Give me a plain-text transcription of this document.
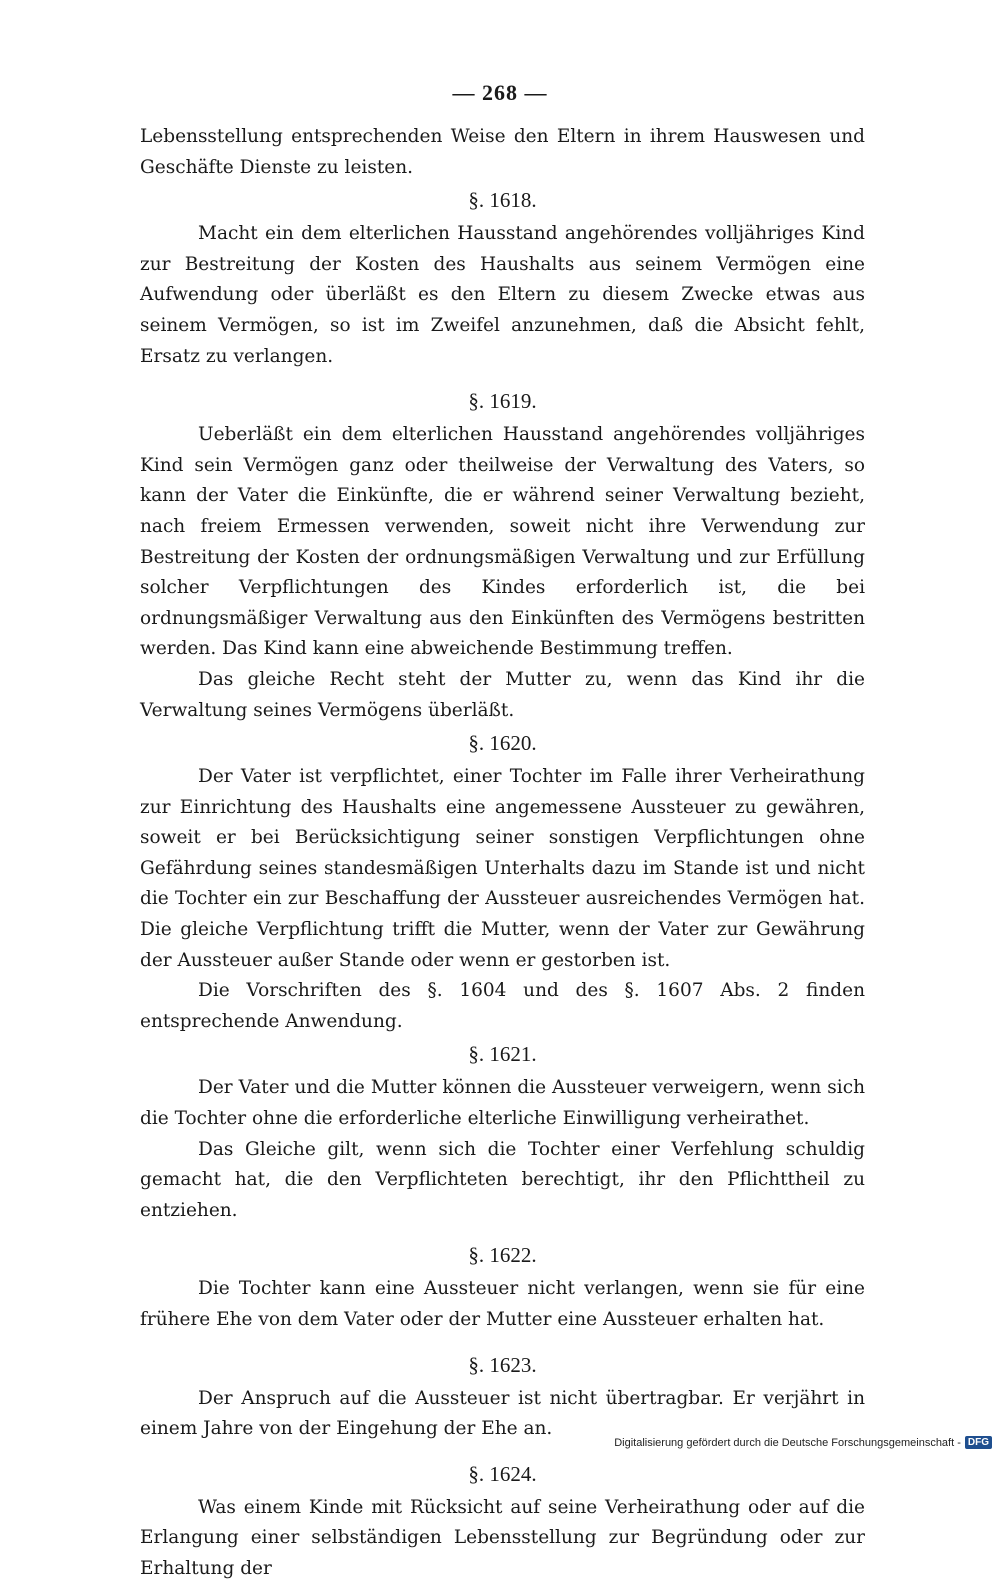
— 268 —

Lebensstellung entsprechenden Weise den Eltern in ihrem Hauswesen und Geschäfte Dienste zu leisten.

§. 1618.

Macht ein dem elterlichen Hausstand angehörendes volljähriges Kind zur Bestreitung der Kosten des Haushalts aus seinem Vermögen eine Aufwendung oder überläßt es den Eltern zu diesem Zwecke etwas aus seinem Vermögen, so ist im Zweifel anzunehmen, daß die Absicht fehlt, Ersatz zu verlangen.

§. 1619.

Ueberläßt ein dem elterlichen Hausstand angehörendes volljähriges Kind sein Vermögen ganz oder theilweise der Verwaltung des Vaters, so kann der Vater die Einkünfte, die er während seiner Verwaltung bezieht, nach freiem Ermessen verwenden, soweit nicht ihre Verwendung zur Bestreitung der Kosten der ordnungsmäßigen Verwaltung und zur Erfüllung solcher Verpflichtungen des Kindes erforderlich ist, die bei ordnungsmäßiger Verwaltung aus den Einkünften des Vermögens bestritten werden. Das Kind kann eine abweichende Bestimmung treffen.

Das gleiche Recht steht der Mutter zu, wenn das Kind ihr die Verwaltung seines Vermögens überläßt.

§. 1620.

Der Vater ist verpflichtet, einer Tochter im Falle ihrer Verheirathung zur Einrichtung des Haushalts eine angemessene Aussteuer zu gewähren, soweit er bei Berücksichtigung seiner sonstigen Verpflichtungen ohne Gefährdung seines standesmäßigen Unterhalts dazu im Stande ist und nicht die Tochter ein zur Beschaffung der Aussteuer ausreichendes Vermögen hat. Die gleiche Verpflichtung trifft die Mutter, wenn der Vater zur Gewährung der Aussteuer außer Stande oder wenn er gestorben ist.

Die Vorschriften des §. 1604 und des §. 1607 Abs. 2 finden entsprechende Anwendung.

§. 1621.

Der Vater und die Mutter können die Aussteuer verweigern, wenn sich die Tochter ohne die erforderliche elterliche Einwilligung verheirathet.

Das Gleiche gilt, wenn sich die Tochter einer Verfehlung schuldig gemacht hat, die den Verpflichteten berechtigt, ihr den Pflichttheil zu entziehen.

§. 1622.

Die Tochter kann eine Aussteuer nicht verlangen, wenn sie für eine frühere Ehe von dem Vater oder der Mutter eine Aussteuer erhalten hat.

§. 1623.

Der Anspruch auf die Aussteuer ist nicht übertragbar. Er verjährt in einem Jahre von der Eingehung der Ehe an.

§. 1624.

Was einem Kinde mit Rücksicht auf seine Verheirathung oder auf die Erlangung einer selbständigen Lebensstellung zur Begründung oder zur Erhaltung der

Digitalisierung gefördert durch die Deutsche Forschungsgemeinschaft - DFG
